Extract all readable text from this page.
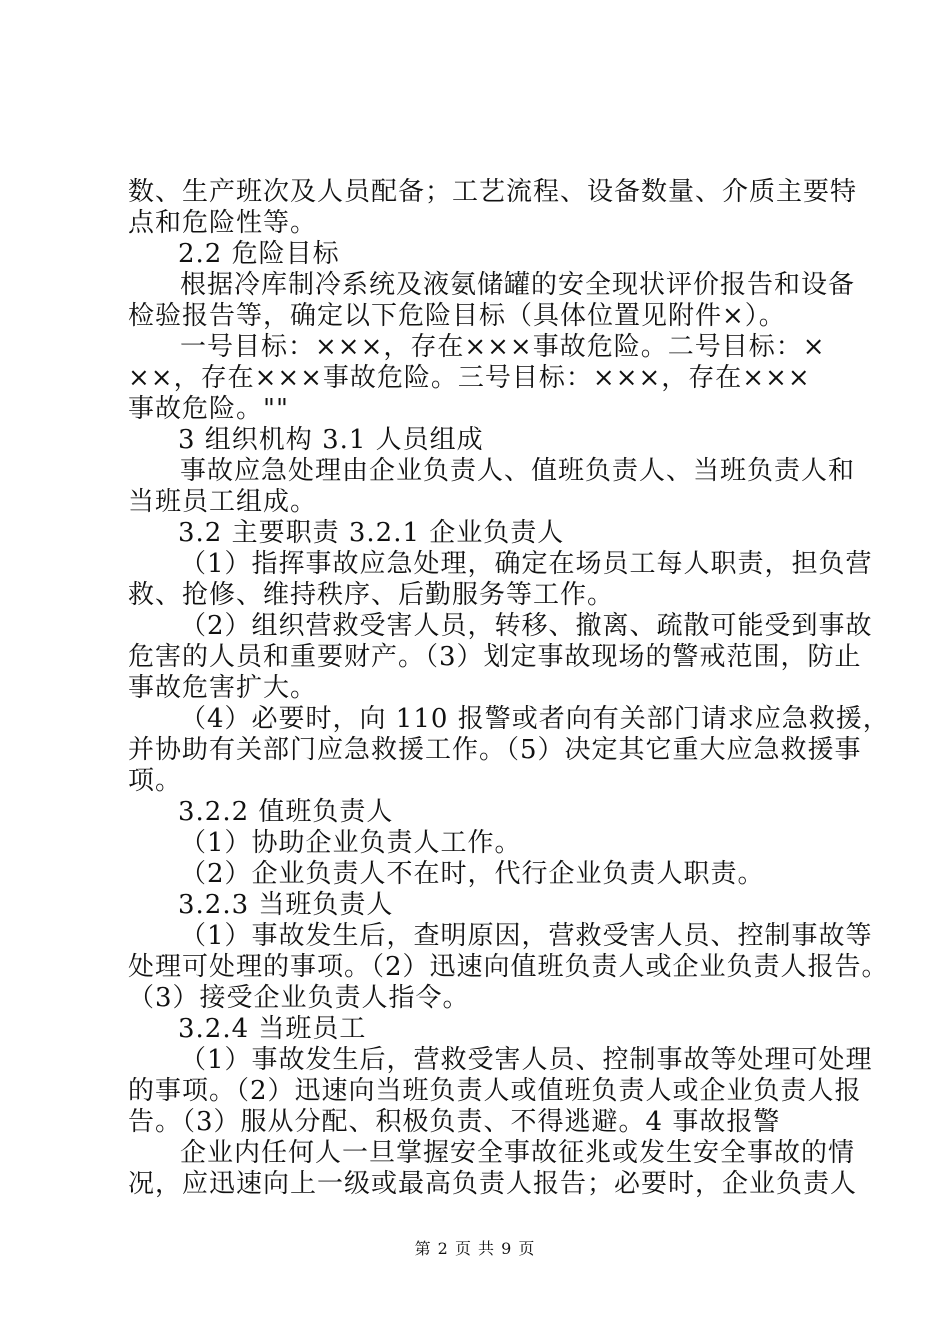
数、生产班次及人员配备；工艺流程、设备数量、介质主要特
点和危险性等。
2.2 危险目标
根据冷库制冷系统及液氨储罐的安全现状评价报告和设备
检验报告等，确定以下危险目标（具体位置见附件×）。
一号目标：×××，存在×××事故危险。二号目标：×
××，存在×××事故危险。三号目标：×××，存在×××
事故危险。""
3 组织机构 3.1 人员组成
事故应急处理由企业负责人、值班负责人、当班负责人和
当班员工组成。
3.2 主要职责 3.2.1 企业负责人
（1）指挥事故应急处理，确定在场员工每人职责，担负营
救、抢修、维持秩序、后勤服务等工作。
（2）组织营救受害人员，转移、撤离、疏散可能受到事故
危害的人员和重要财产。（3）划定事故现场的警戒范围，防止
事故危害扩大。
（4）必要时，向 110 报警或者向有关部门请求应急救援，
并协助有关部门应急救援工作。（5）决定其它重大应急救援事
项。
3.2.2 值班负责人
（1）协助企业负责人工作。
（2）企业负责人不在时，代行企业负责人职责。
3.2.3 当班负责人
（1）事故发生后，查明原因，营救受害人员、控制事故等
处理可处理的事项。（2）迅速向值班负责人或企业负责人报告。
（3）接受企业负责人指令。
3.2.4 当班员工
（1）事故发生后，营救受害人员、控制事故等处理可处理
的事项。（2）迅速向当班负责人或值班负责人或企业负责人报
告。（3）服从分配、积极负责、不得逃避。4 事故报警
企业内任何人一旦掌握安全事故征兆或发生安全事故的情
况，应迅速向上一级或最高负责人报告；必要时，企业负责人
第 2 页 共 9 页
